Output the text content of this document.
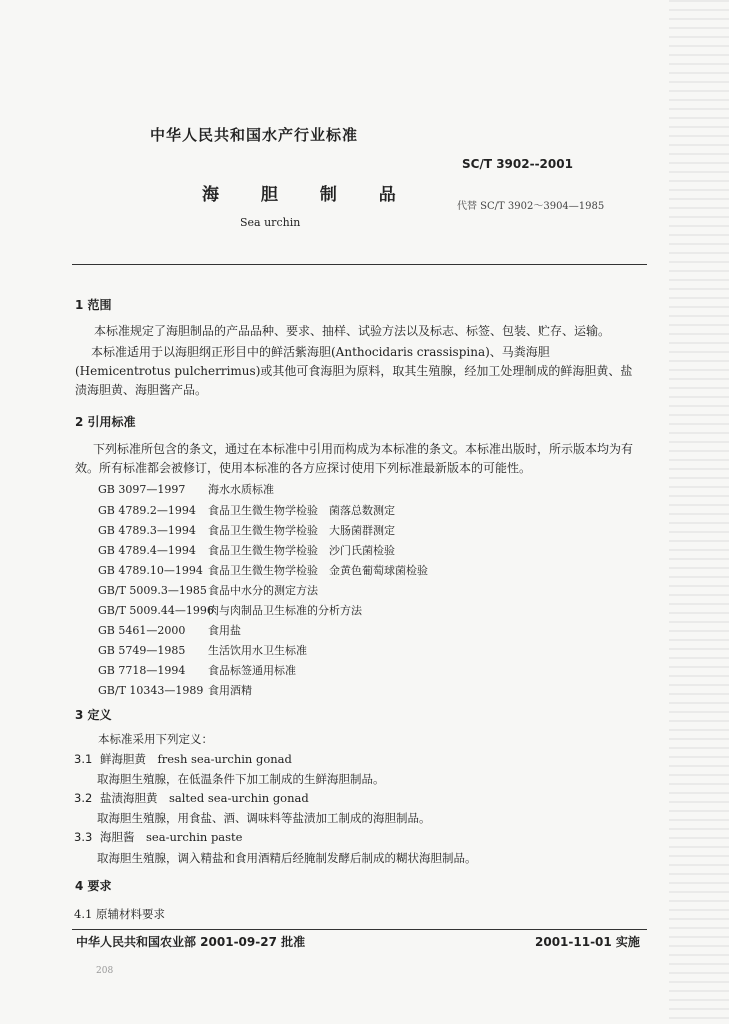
中华人民共和国水产行业标准
SC/T 3902--2001
海 胆 制 品
代替 SC/T 3902～3904—1985
Sea urchin
1 范围
本标准规定了海胆制品的产品品种、要求、抽样、试验方法以及标志、标签、包装、贮存、运输。
本标准适用于以海胆纲正形目中的鲜活紫海胆(Anthocidaris crassispina)、马粪海胆(Hemicentrotus pulcherrimus)或其他可食海胆为原料，取其生殖腺，经加工处理制成的鲜海胆黄、盐渍海胆黄、海胆酱产品。
2 引用标准
下列标准所包含的条文，通过在本标准中引用而构成为本标准的条文。本标准出版时，所示版本均为有效。所有标准都会被修订，使用本标准的各方应探讨使用下列标准最新版本的可能性。
GB 3097—1997 海水水质标准
GB 4789.2—1994 食品卫生微生物学检验　菌落总数测定
GB 4789.3—1994 食品卫生微生物学检验　大肠菌群测定
GB 4789.4—1994 食品卫生微生物学检验　沙门氏菌检验
GB 4789.10—1994 食品卫生微生物学检验　金黄色葡萄球菌检验
GB/T 5009.3—1985食品中水分的测定方法
GB/T 5009.44—1996肉与肉制品卫生标准的分析方法
GB 5461—2000 食用盐
GB 5749—1985 生活饮用水卫生标准
GB 7718—1994 食品标签通用标准
GB/T 10343—1989 食用酒精
3 定义
本标准采用下列定义：
3.1 鲜海胆黄　fresh sea-urchin gonad
取海胆生殖腺，在低温条件下加工制成的生鲜海胆制品。
3.2 盐渍海胆黄　salted sea-urchin gonad
取海胆生殖腺，用食盐、酒、调味料等盐渍加工制成的海胆制品。
3.3 海胆酱　sea-urchin paste
取海胆生殖腺，调入精盐和食用酒精后经腌制发酵后制成的糊状海胆制品。
4 要求
4.1 原辅材料要求
中华人民共和国农业部 2001-09-27 批准	2001-11-01 实施
208
